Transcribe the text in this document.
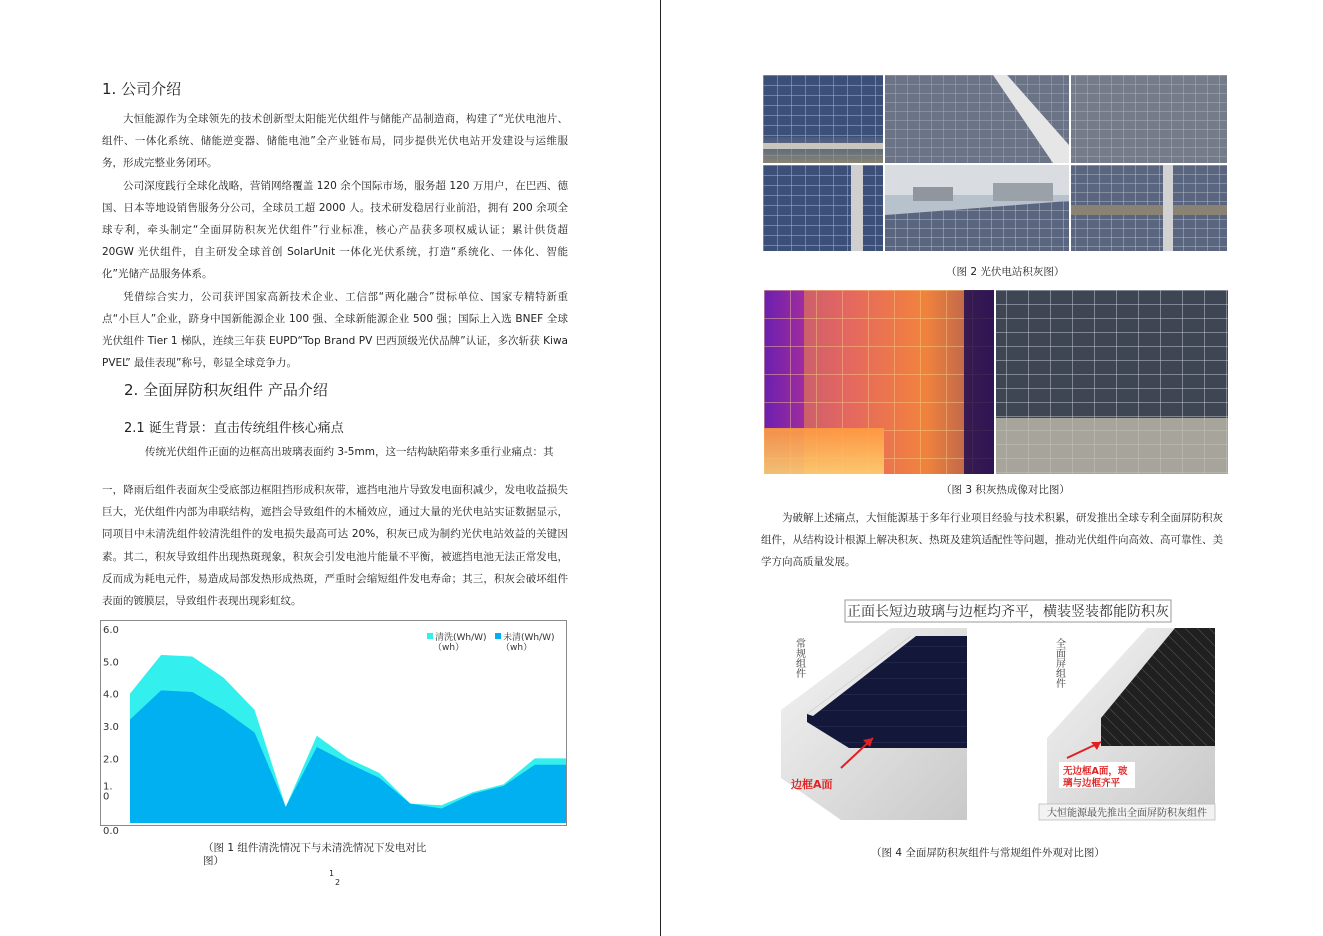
1. 公司介绍

大恒能源作为全球领先的技术创新型太阳能光伏组件与储能产品制造商，构建了“光伏电池片、组件、一体化系统、储能逆变器、储能电池”全产业链布局，同步提供光伏电站开发建设与运维服务，形成完整业务闭环。

公司深度践行全球化战略，营销网络覆盖 120 余个国际市场，服务超 120 万用户，在巴西、德国、日本等地设销售服务分公司，全球员工超 2000 人。技术研发稳居行业前沿，拥有 200 余项全球专利，牵头制定“全面屏防积灰光伏组件”行业标准，核心产品获多项权威认证；累计供货超 20GW 光伏组件，自主研发全球首创 SolarUnit 一体化光伏系统，打造“系统化、一体化、智能化”光储产品服务体系。

凭借综合实力，公司获评国家高新技术企业、工信部“两化融合”贯标单位、国家专精特新重点“小巨人”企业，跻身中国新能源企业 100 强、全球新能源企业 500 强；国际上入选 BNEF 全球光伏组件 Tier 1 梯队，连续三年获 EUPD“Top Brand PV 巴西顶级光伏品牌”认证，多次斩获 Kiwa PVEL” 最佳表现”称号，彰显全球竞争力。

2. 全面屏防积灰组件 产品介绍
2.1 诞生背景：直击传统组件核心痛点
传统光伏组件正面的边框高出玻璃表面约 3-5mm，这一结构缺陷带来多重行业痛点：其
一，降雨后组件表面灰尘受底部边框阻挡形成积灰带，遮挡电池片导致发电面积减少，发电收益损失巨大，光伏组件内部为串联结构，遮挡会导致组件的木桶效应，通过大量的光伏电站实证数据显示，同项目中未清洗组件较清洗组件的发电损失最高可达 20%，积灰已成为制约光伏电站效益的关键因素。其二，积灰导致组件出现热斑现象，积灰会引发电池片能量不平衡，被遮挡电池无法正常发电，反而成为耗电元件，易造成局部发热形成热斑，严重时会缩短组件发电寿命；其三，积灰会破坏组件表面的镀膜层，导致组件表现出现彩虹纹。
6.0
5.0
4.0
3.0
2.0
1. 0
0.0
清洗(Wh/W)
（wh）
未清(Wh/W)
（wh）
（图 1 组件清洗情况下与未清洗情况下发电对比
图）
1
2
（图 2 光伏电站积灰图）
（图 3 积灰热成像对比图）

为破解上述痛点，大恒能源基于多年行业项目经验与技术积累，研发推出全球专利全面屏防积灰组件，从结构设计根源上解决积灰、热斑及建筑适配性等问题，推动光伏组件向高效、高可靠性、美学方向高质量发展。

正面长短边玻璃与边框均齐平，横装竖装都能防积灰
边框A面
常规组件
无边框A面，玻
璃与边框齐平
全面屏组件
大恒能源最先推出全面屏防积灰组件
（图 4 全面屏防积灰组件与常规组件外观对比图）
